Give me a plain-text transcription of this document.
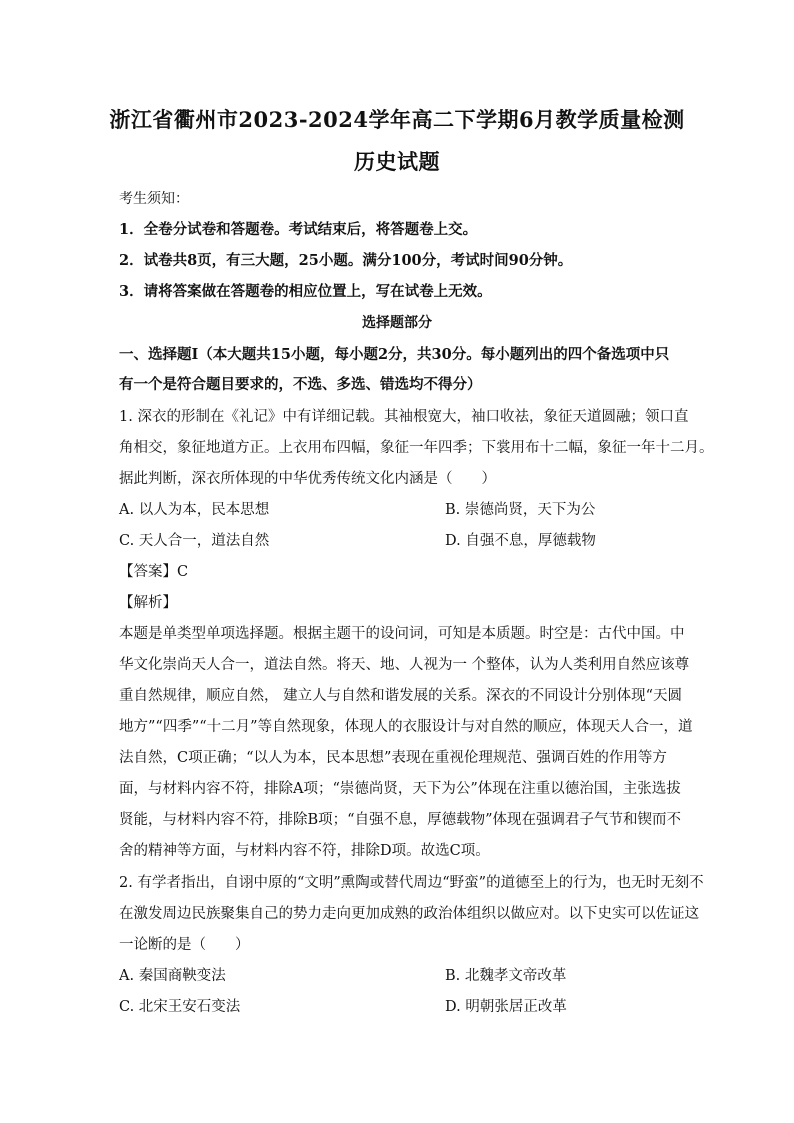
浙江省衢州市2023-2024学年高二下学期6月教学质量检测
历史试题
考生须知：
1．全卷分试卷和答题卷。考试结束后，将答题卷上交。
2．试卷共8页，有三大题，25小题。满分100分，考试时间90分钟。
3．请将答案做在答题卷的相应位置上，写在试卷上无效。
选择题部分
一、选择题Ⅰ（本大题共15小题，每小题2分，共30分。每小题列出的四个备选项中只
有一个是符合题目要求的，不选、多选、错选均不得分）
1. 深衣的形制在《礼记》中有详细记载。其袖根宽大，袖口收祛，象征天道圆融；领口直
角相交，象征地道方正。上衣用布四幅，象征一年四季；下裳用布十二幅，象征一年十二月。
据此判断，深衣所体现的中华优秀传统文化内涵是（　　）
A. 以人为本，民本思想	B. 崇德尚贤，天下为公
C. 天人合一，道法自然	D. 自强不息，厚德载物
【答案】C
【解析】
本题是单类型单项选择题。根据主题干的设问词，可知是本质题。时空是：古代中国。中
华文化崇尚天人合一，道法自然。将天、地、人视为一 个整体，认为人类利用自然应该尊
重自然规律，顺应自然， 建立人与自然和谐发展的关系。深衣的不同设计分别体现“天圆
地方”“四季”“十二月”等自然现象，体现人的衣服设计与对自然的顺应，体现天人合一，道
法自然，C项正确；“以人为本，民本思想”表现在重视伦理规范、强调百姓的作用等方
面，与材料内容不符，排除A项；“崇德尚贤，天下为公”体现在注重以德治国，主张选拔
贤能，与材料内容不符，排除B项；“自强不息，厚德载物”体现在强调君子气节和锲而不
舍的精神等方面，与材料内容不符，排除D项。故选C项。
2. 有学者指出，自诩中原的“文明”熏陶或替代周边“野蛮”的道德至上的行为，也无时无刻不
在激发周边民族聚集自己的势力走向更加成熟的政治体组织以做应对。以下史实可以佐证这
一论断的是（　　）
A. 秦国商鞅变法	B. 北魏孝文帝改革
C. 北宋王安石变法	D. 明朝张居正改革
